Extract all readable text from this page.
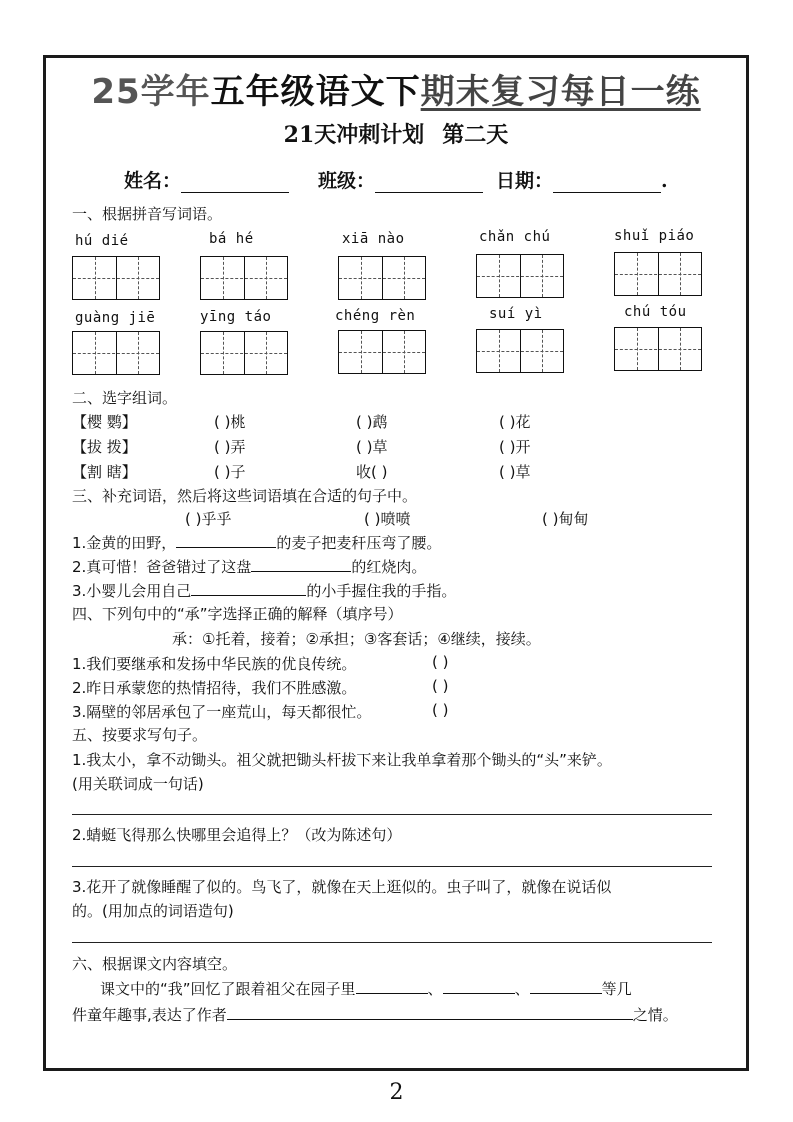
25学年五年级语文下期末复习每日一练
21天冲刺计划 第二天
姓名：	班级：	日期：	.
一、根据拼音写词语。
hú dié	bá hé	xiā nào	chǎn chú	shuǐ piáo
guàng jiē	yīng táo	chéng rèn	suí yì	chú tóu
二、选字组词。
【樱 鹦】	( )桃	( )鹉	( )花
【拔 拨】	( )弄	( )草	( )开
【割 瞎】	( )子	收( )	( )草
三、补充词语，然后将这些词语填在合适的句子中。
( )乎乎	( )喷喷	( )甸甸
1.金黄的田野，	的麦子把麦秆压弯了腰。
2.真可惜！爸爸错过了这盘	的红烧肉。
3.小婴儿会用自己	的小手握住我的手指。
四、下列句中的“承”字选择正确的解释（填序号）
承：①托着，接着；②承担；③客套话；④继续，接续。
1.我们要继承和发扬中华民族的优良传统。	( )
2.昨日承蒙您的热情招待，我们不胜感激。	( )
3.隔壁的邻居承包了一座荒山，每天都很忙。	( )
五、按要求写句子。
1.我太小，拿不动锄头。祖父就把锄头杆拔下来让我单拿着那个锄头的“头”来铲。
(用关联词成一句话)
2.蜻蜓飞得那么快哪里会追得上？（改为陈述句）
3.花开了就像睡醒了似的。鸟飞了，就像在天上逛似的。虫子叫了，就像在说话似
的。(用加点的词语造句)
六、根据课文内容填空。
课文中的“我”回忆了跟着祖父在园子里	、	、	等几
件童年趣事,表达了作者	之情。
2
